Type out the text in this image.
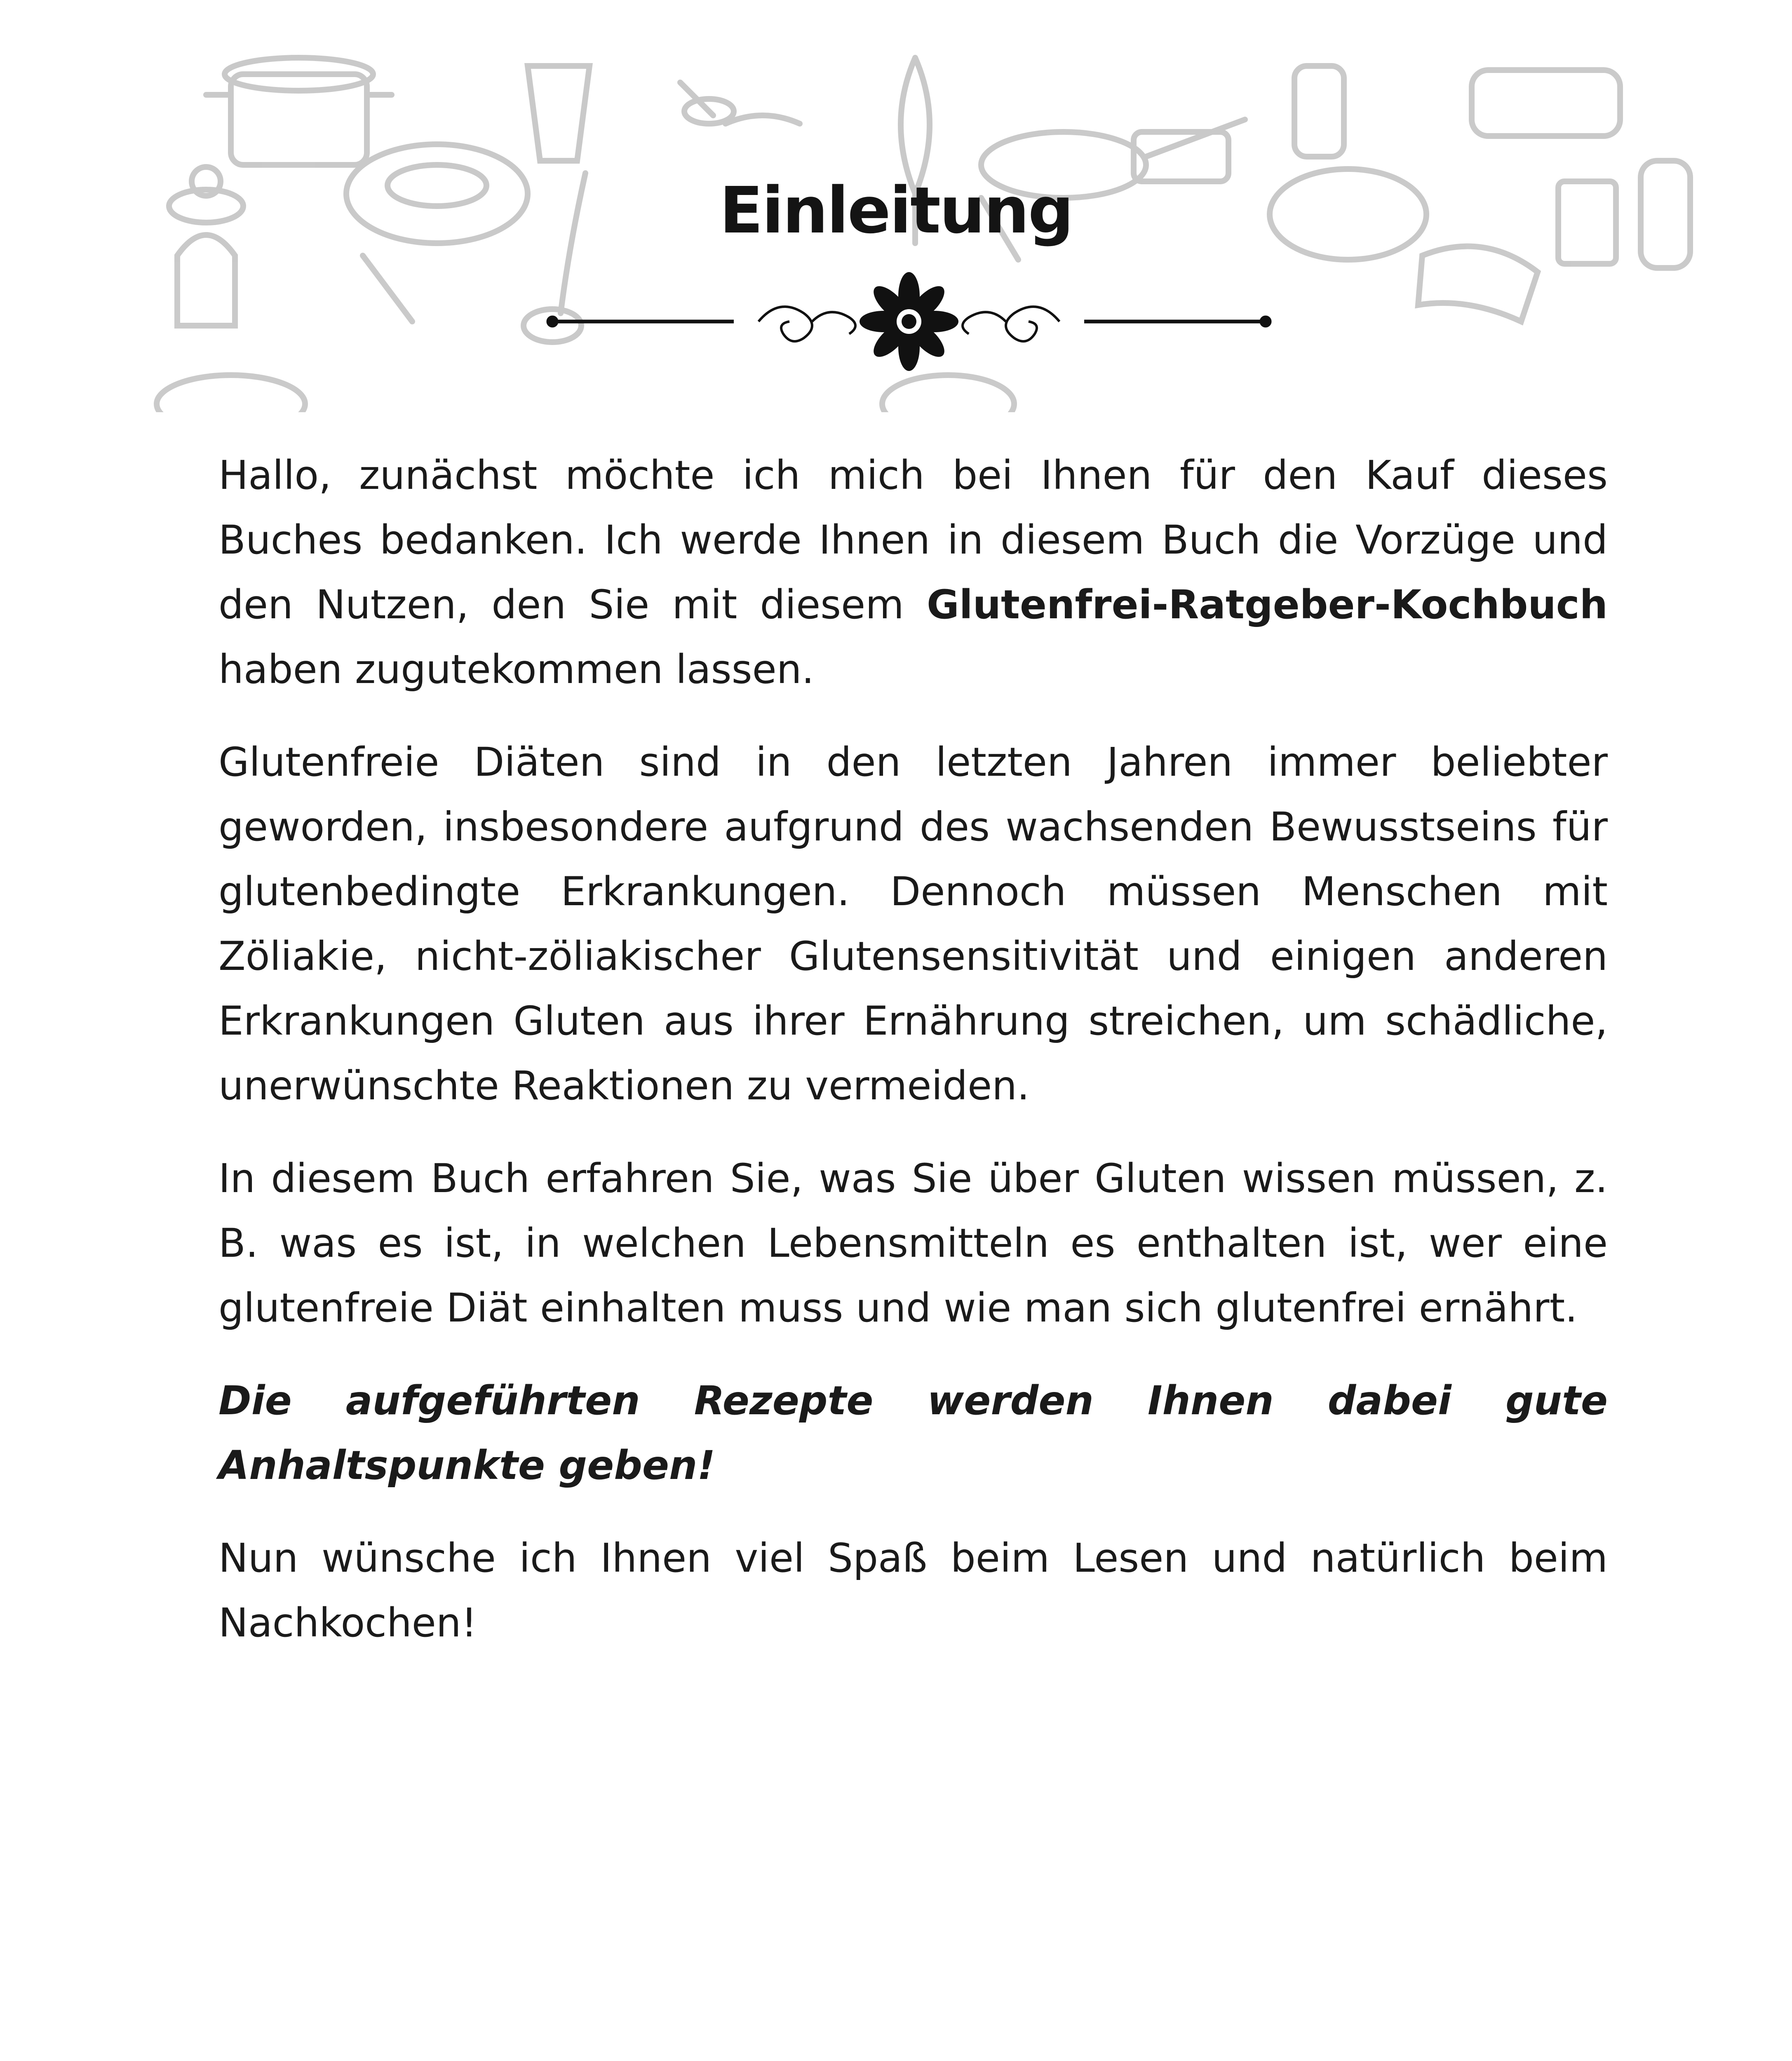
Einleitung

Hallo, zunächst möchte ich mich bei Ihnen für den Kauf dieses Buches bedanken. Ich werde Ihnen in diesem Buch die Vorzüge und den Nutzen, den Sie mit diesem Glutenfrei-Ratgeber-Kochbuch haben zugutekommen lassen.

Glutenfreie Diäten sind in den letzten Jahren immer beliebter geworden, insbesondere aufgrund des wachsenden Bewusstseins für glutenbedingte Erkrankungen. Dennoch müssen Menschen mit Zöliakie, nicht-zöliakischer Glutensensitivität und einigen anderen Erkrankungen Gluten aus ihrer Ernährung streichen, um schädliche, unerwünschte Reaktionen zu vermeiden.

In diesem Buch erfahren Sie, was Sie über Gluten wissen müssen, z. B. was es ist, in welchen Lebensmitteln es enthalten ist, wer eine glutenfreie Diät einhalten muss und wie man sich glutenfrei ernährt.

Die aufgeführten Rezepte werden Ihnen dabei gute Anhaltspunkte geben!

Nun wünsche ich Ihnen viel Spaß beim Lesen und natürlich beim Nachkochen!
